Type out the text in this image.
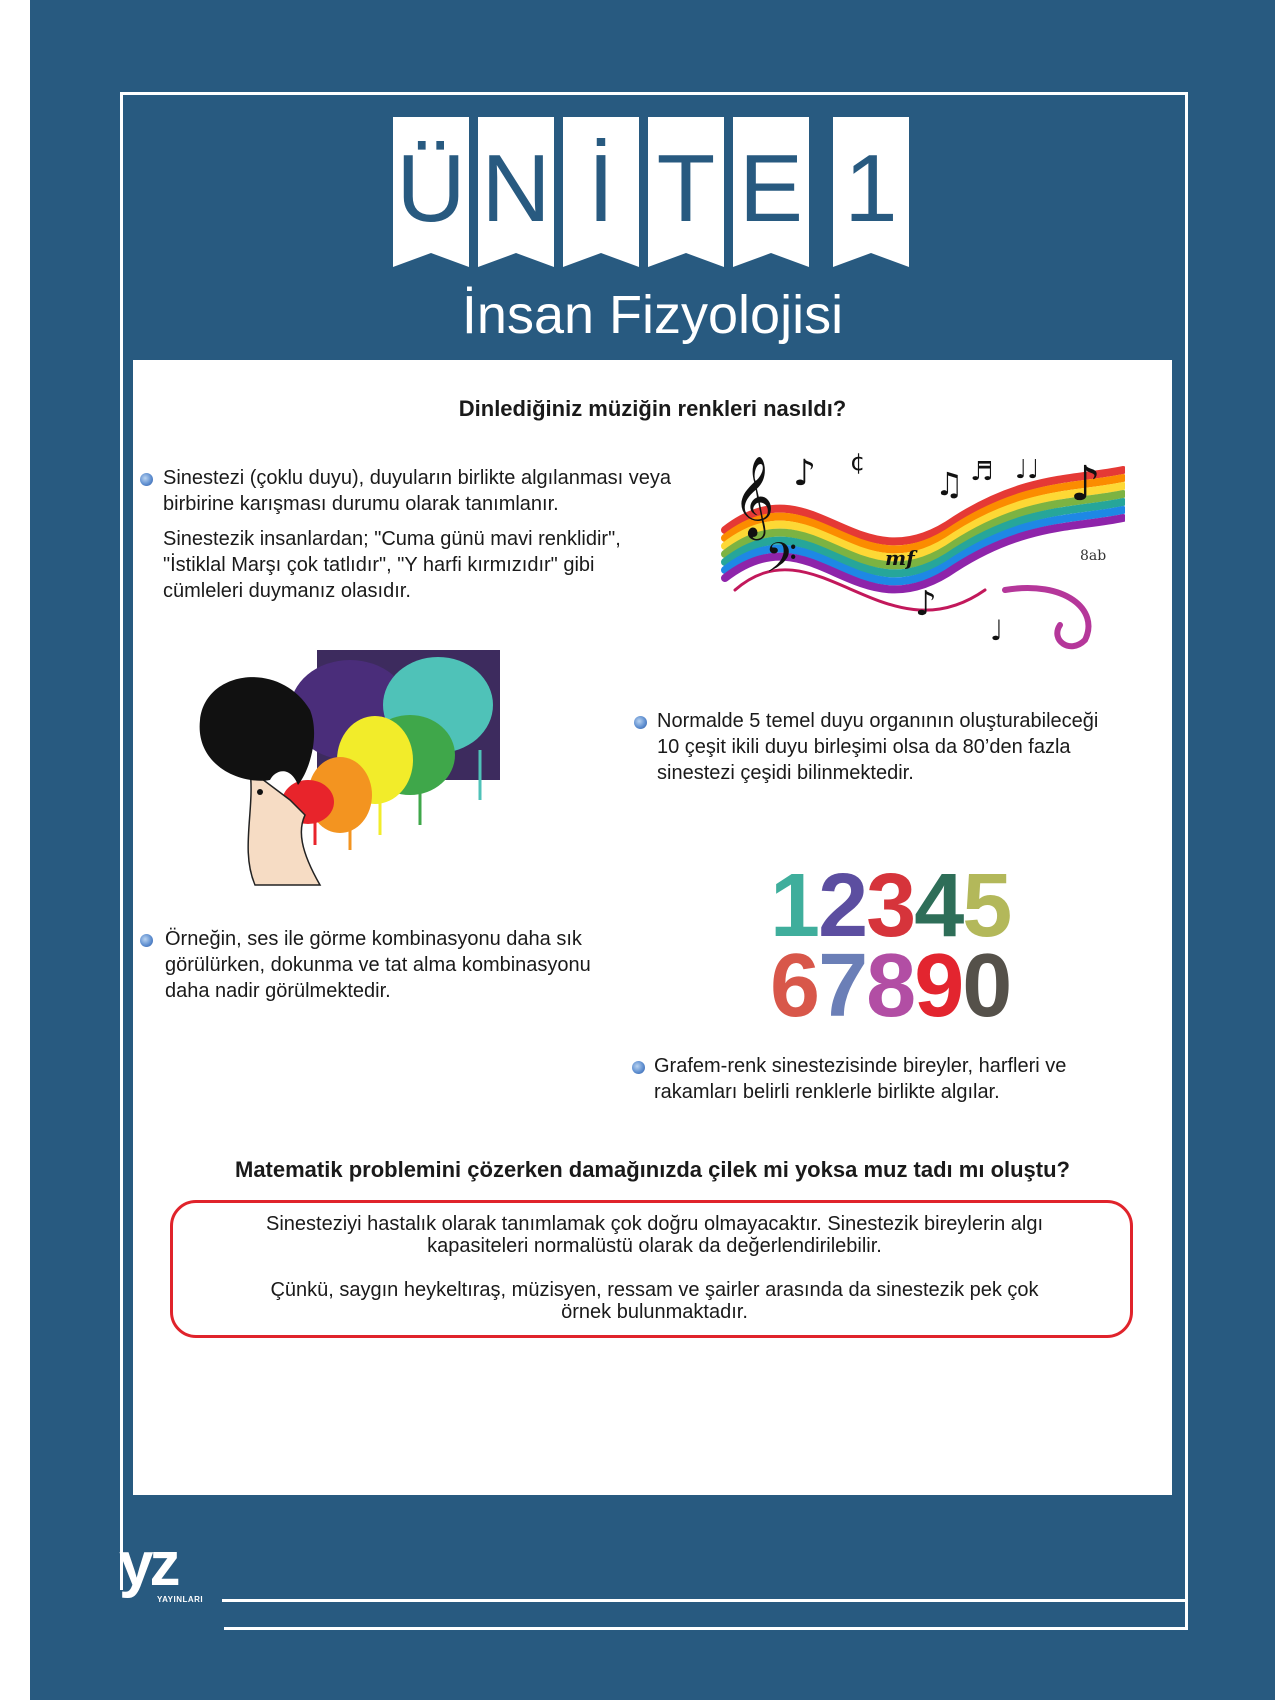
Ü N İ T E 1
İnsan Fizyolojisi
Dinlediğiniz müziğin renkleri nasıldı?
Sinestezi (çoklu duyu), duyuların birlikte algılanması veya birbirine karışması durumu olarak tanımlanır.
Sinestezik insanlardan; "Cuma günü mavi renklidir",
"İstiklal Marşı çok tatlıdır", "Y harfi kırmızıdır" gibi
cümleleri duymanız olasıdır.
𝄞
𝄢
♪ ¢
♫ ♬ ♩♩ ♪
mf	8ab
♪
♩
Normalde 5 temel duyu organının oluşturabileceği
10 çeşit ikili duyu birleşimi olsa da 80’den fazla
sinestezi çeşidi bilinmektedir.
12345
67890
Örneğin, ses ile görme kombinasyonu daha sık
görülürken, dokunma ve tat alma kombinasyonu
daha nadir görülmektedir.
Grafem-renk sinestezisinde bireyler, harfleri ve
rakamları belirli renklerle birlikte algılar.
Matematik problemini çözerken damağınızda çilek mi yoksa muz tadı mı oluştu?

Sinesteziyi hastalık olarak tanımlamak çok doğru olmayacaktır. Sinestezik bireylerin algı

kapasiteleri normalüstü olarak da değerlendirilebilir.

Çünkü, saygın heykeltıraş, müzisyen, ressam ve şairler arasında da sinestezik pek çok

örnek bulunmaktadır.

yz
YAYINLARI
